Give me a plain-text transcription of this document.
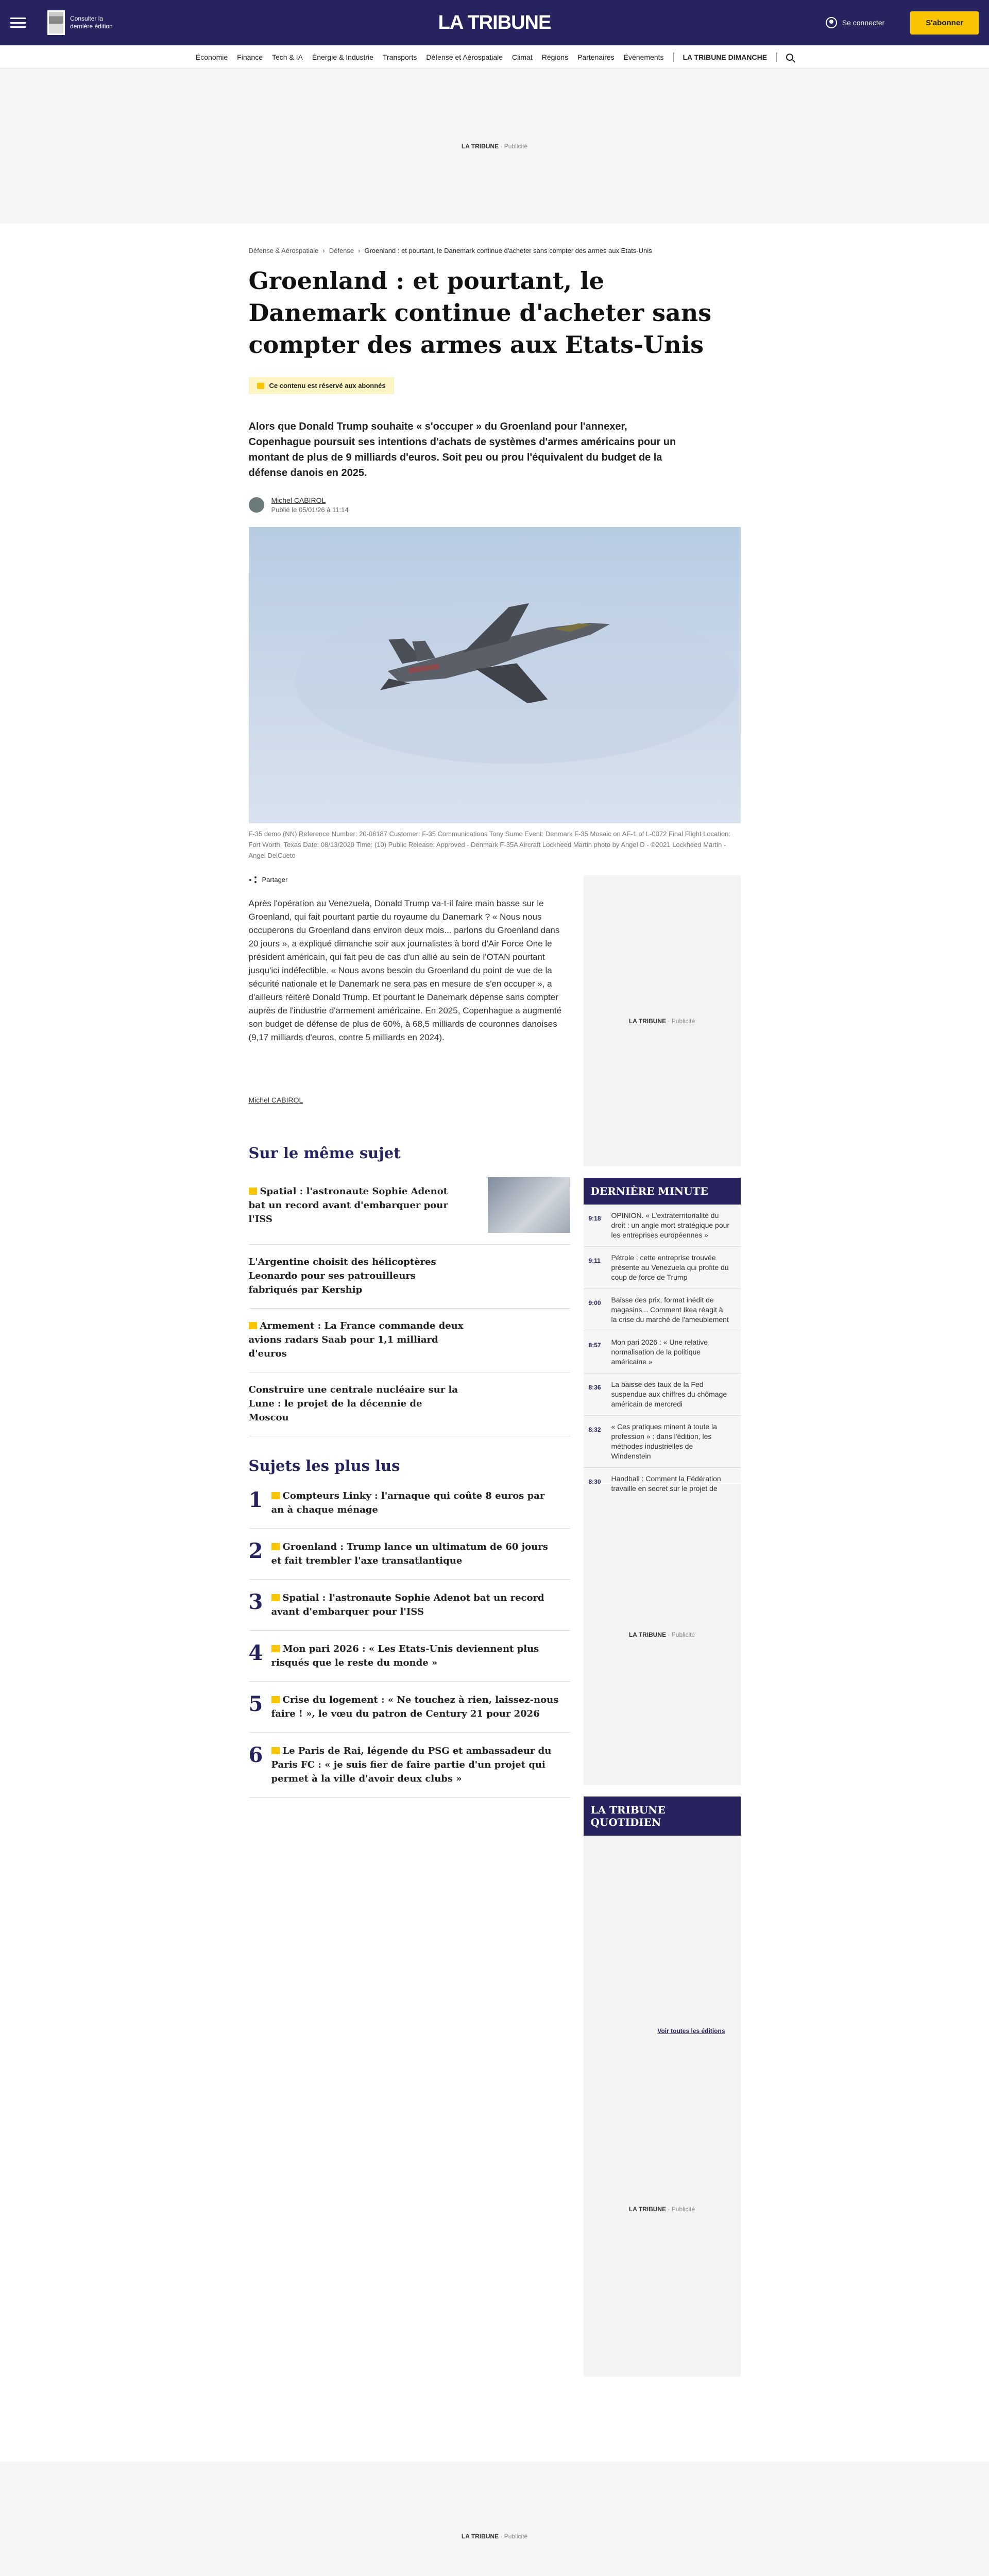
Consulter la dernière édition	LA TRIBUNE	Se connecter	S'abonner
Économie Finance Tech & IA Énergie & Industrie Transports Défense et Aérospatiale Climat Régions Partenaires Événements	LA TRIBUNE DIMANCHE
LA TRIBUNE · Publicité
Défense & Aérospatiale › Défense › Groenland : et pourtant, le Danemark continue d'acheter sans compter des armes aux Etats-Unis
Groenland : et pourtant, le Danemark continue d'acheter sans compter des armes aux Etats-Unis
Ce contenu est réservé aux abonnés

Alors que Donald Trump souhaite « s'occuper » du Groenland pour l'annexer, Copenhague poursuit ses intentions d'achats de systèmes d'armes américains pour un montant de plus de 9 milliards d'euros. Soit peu ou prou l'équivalent du budget de la défense danois en 2025.

Michel CABIROL
Publié le 05/01/26 à 11:14

F-35 demo (NN) Reference Number: 20-06187 Customer: F-35 Communications Tony Sumo Event: Denmark F-35 Mosaic on AF-1 of L-0072 Final Flight Location: Fort Worth, Texas Date: 08/13/2020 Time: (10) Public Release: Approved - Denmark F-35A Aircraft Lockheed Martin photo by Angel D - ©2021 Lockheed Martin - Angel DelCueto

Partager

Après l'opération au Venezuela, Donald Trump va-t-il faire main basse sur le Groenland, qui fait pourtant partie du royaume du Danemark ? « Nous nous occuperons du Groenland dans environ deux mois... parlons du Groenland dans 20 jours », a expliqué dimanche soir aux journalistes à bord d'Air Force One le président américain, qui fait peu de cas d'un allié au sein de l'OTAN pourtant jusqu'ici indéfectible. « Nous avons besoin du Groenland du point de vue de la sécurité nationale et le Danemark ne sera pas en mesure de s'en occuper », a d'ailleurs réitéré Donald Trump. Et pourtant le Danemark dépense sans compter auprès de l'industrie d'armement américaine. En 2025, Copenhague a augmenté son budget de défense de plus de 60%, à 68,5 milliards de couronnes danoises (9,17 milliards d'euros, contre 5 milliards en 2024).

Michel CABIROL
Sur le même sujet
Spatial : l'astronaute Sophie Adenot bat un record avant d'embarquer pour l'ISS
L'Argentine choisit des hélicoptères Leonardo pour ses patrouilleurs fabriqués par Kership
Armement : La France commande deux avions radars Saab pour 1,1 milliard d'euros
Construire une centrale nucléaire sur la Lune : le projet de la décennie de Moscou
Sujets les plus lus
1	Compteurs Linky : l'arnaque qui coûte 8 euros par an à chaque ménage
2	Groenland : Trump lance un ultimatum de 60 jours et fait trembler l'axe transatlantique
3	Spatial : l'astronaute Sophie Adenot bat un record avant d'embarquer pour l'ISS
4	Mon pari 2026 : « Les Etats-Unis deviennent plus risqués que le reste du monde »
5	Crise du logement : « Ne touchez à rien, laissez-nous faire ! », le vœu du patron de Century 21 pour 2026
6	Le Paris de Rai, légende du PSG et ambassadeur du Paris FC : « je suis fier de faire partie d'un projet qui permet à la ville d'avoir deux clubs »
LA TRIBUNE · Publicité
DERNIÈRE MINUTE
9:18	OPINION. « L'extraterritorialité du droit : un angle mort stratégique pour les entreprises européennes »
9:11	Pétrole : cette entreprise trouvée présente au Venezuela qui profite du coup de force de Trump
9:00	Baisse des prix, format inédit de magasins... Comment Ikea réagit à la crise du marché de l'ameublement
8:57	Mon pari 2026 : « Une relative normalisation de la politique américaine »
8:36	La baisse des taux de la Fed suspendue aux chiffres du chômage américain de mercredi
8:32	« Ces pratiques minent à toute la profession » : dans l'édition, les méthodes industrielles de Windenstein
8:30	Handball : Comment la Fédération travaille en secret sur le projet de
LA TRIBUNE · Publicité
LA TRIBUNE QUOTIDIEN
Voir toutes les éditions
LA TRIBUNE · Publicité
LA TRIBUNE · Publicité
